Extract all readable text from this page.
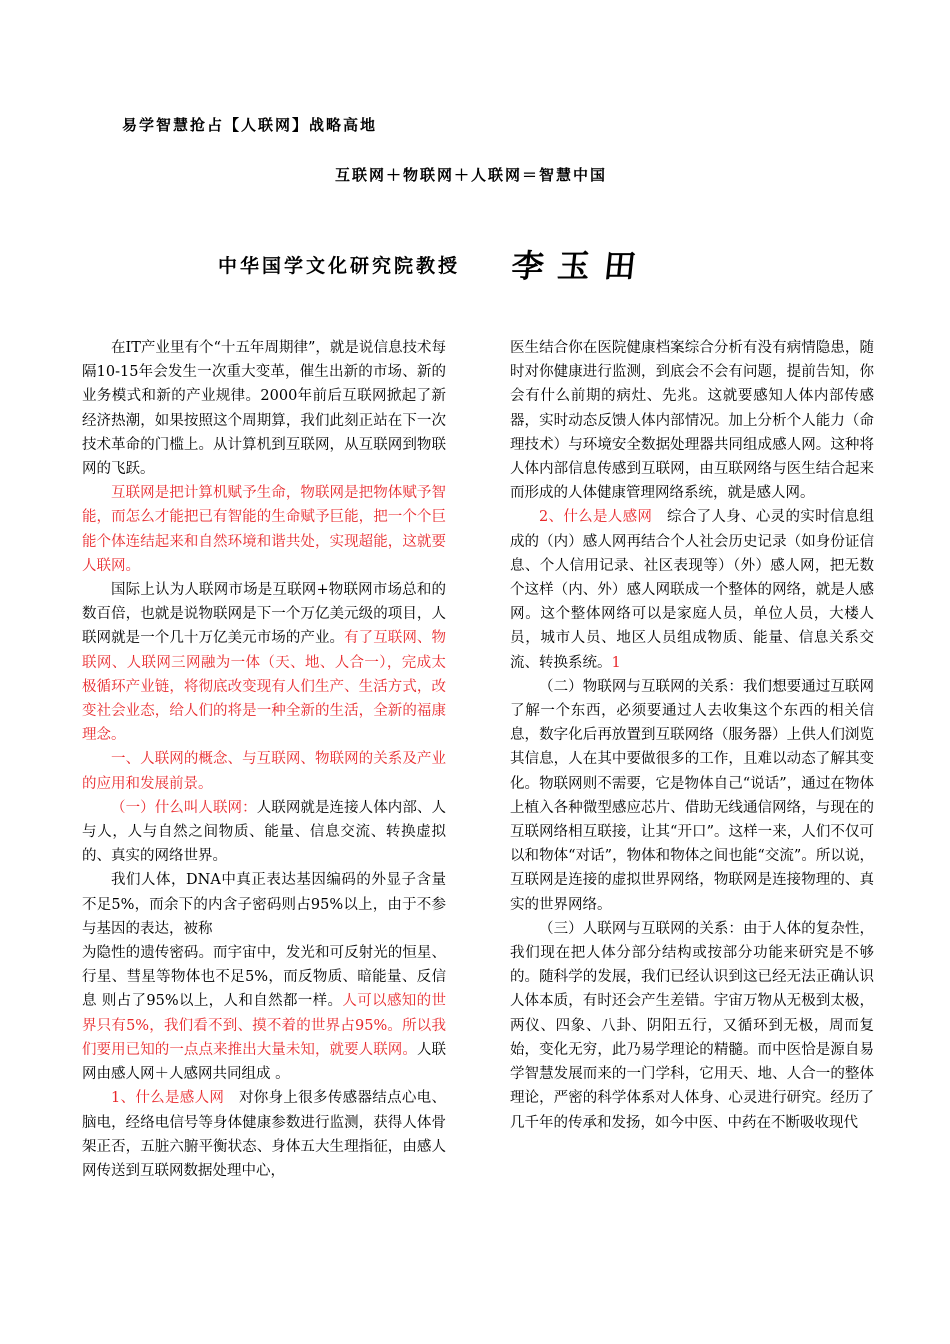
易学智慧抢占【人联网】战略高地
互联网＋物联网＋人联网＝智慧中国
中华国学文化研究院教授 李玉田

在IT产业里有个“十五年周期律”，就是说信息技术每隔10-15年会发生一次重大变革，催生出新的市场、新的业务模式和新的产业规律。2000年前后互联网掀起了新经济热潮，如果按照这个周期算，我们此刻正站在下一次技术革命的门槛上。从计算机到互联网，从互联网到物联网的飞跃。

互联网是把计算机赋予生命，物联网是把物体赋予智能，而怎么才能把已有智能的生命赋予巨能，把一个个巨能个体连结起来和自然环境和谐共处，实现超能，这就要人联网。

国际上认为人联网市场是互联网+物联网市场总和的数百倍，也就是说物联网是下一个万亿美元级的项目，人联网就是一个几十万亿美元市场的产业。有了互联网、物联网、人联网三网融为一体（天、地、人合一），完成太极循环产业链，将彻底改变现有人们生产、生活方式，改变社会业态，给人们的将是一种全新的生活，全新的福康理念。

一、人联网的概念、与互联网、物联网的关系及产业的应用和发展前景。

（一）什么叫人联网：人联网就是连接人体内部、人与人，人与自然之间物质、能量、信息交流、转换虚拟的、真实的网络世界。

我们人体，DNA中真正表达基因编码的外显子含量不足5%，而余下的内含子密码则占95%以上，由于不参与基因的表达，被称

为隐性的遗传密码。而宇宙中，发光和可反射光的恒星、行星、彗星等物体也不足5%，而反物质、暗能量、反信息 则占了95%以上，人和自然都一样。人可以感知的世界只有5%，我们看不到、摸不着的世界占95%。所以我们要用已知的一点点来推出大量未知，就要人联网。人联网由感人网＋人感网共同组成 。

1、什么是感人网  对你身上很多传感器结点心电、脑电，经络电信号等身体健康参数进行监测，获得人体骨架正否，五脏六腑平衡状态、身体五大生理指征，由感人网传送到互联网数据处理中心，

医生结合你在医院健康档案综合分析有没有病情隐患，随时对你健康进行监测，到底会不会有问题，提前告知，你会有什么前期的病灶、先兆。这就要感知人体内部传感器，实时动态反馈人体内部情况。加上分析个人能力（命理技术）与环境安全数据处理器共同组成感人网。这种将人体内部信息传感到互联网，由互联网络与医生结合起来而形成的人体健康管理网络系统，就是感人网。

2、什么是人感网  综合了人身、心灵的实时信息组成的（内）感人网再结合个人社会历史记录（如身份证信息、个人信用记录、社区表现等）（外）感人网，把无数个这样（内、外）感人网联成一个整体的网络，就是人感网。这个整体网络可以是家庭人员，单位人员，大楼人员，城市人员、地区人员组成物质、能量、信息关系交流、转换系统。1

（二）物联网与互联网的关系：我们想要通过互联网了解一个东西，必须要通过人去收集这个东西的相关信息，数字化后再放置到互联网络（服务器）上供人们浏览其信息，人在其中要做很多的工作，且难以动态了解其变化。物联网则不需要，它是物体自己“说话”，通过在物体上植入各种微型感应芯片、借助无线通信网络，与现在的互联网络相互联接，让其“开口”。这样一来，人们不仅可以和物体“对话”，物体和物体之间也能“交流”。所以说，互联网是连接的虚拟世界网络，物联网是连接物理的、真实的世界网络。

（三）人联网与互联网的关系：由于人体的复杂性，我们现在把人体分部分结构或按部分功能来研究是不够的。随科学的发展，我们已经认识到这已经无法正确认识人体本质，有时还会产生差错。宇宙万物从无极到太极，两仪、四象、八卦、阴阳五行，又循环到无极，周而复始，变化无穷，此乃易学理论的精髓。而中医恰是源自易学智慧发展而来的一门学科，它用天、地、人合一的整体理论，严密的科学体系对人体身、心灵进行研究。经历了几千年的传承和发扬，如今中医、中药在不断吸收现代
